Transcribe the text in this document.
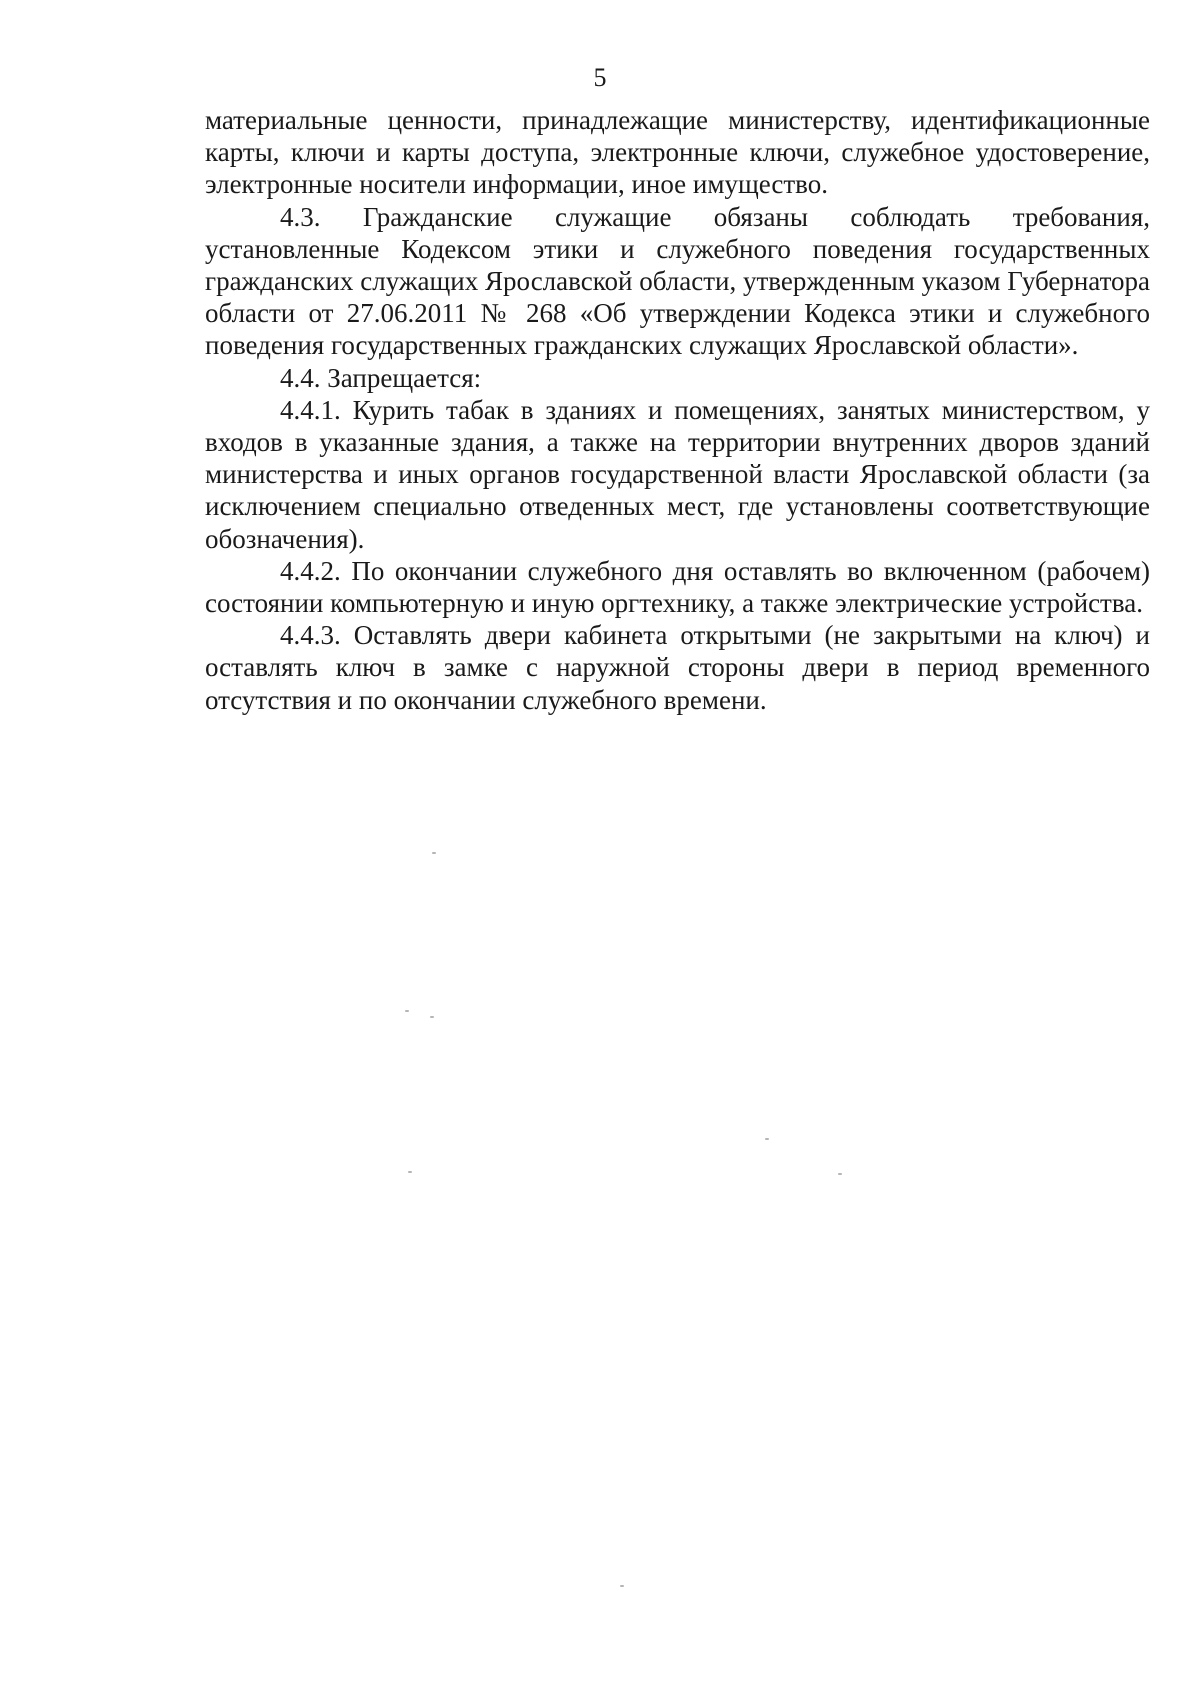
5

материальные ценности, принадлежащие министерству, идентификационные карты, ключи и карты доступа, электронные ключи, служебное удостоверение, электронные носители информации, иное имущество.

4.3. Гражданские служащие обязаны соблюдать требования, установленные Кодексом этики и служебного поведения государственных гражданских служащих Ярославской области, утвержденным указом Губернатора области от 27.06.2011 № 268 «Об утверждении Кодекса этики и служебного поведения государственных гражданских служащих Ярославской области».

4.4. Запрещается:

4.4.1. Курить табак в зданиях и помещениях, занятых министерством, у входов в указанные здания, а также на территории внутренних дворов зданий министерства и иных органов государственной власти Ярославской области (за исключением специально отведенных мест, где установлены соответствующие обозначения).

4.4.2. По окончании служебного дня оставлять во включенном (рабочем) состоянии компьютерную и иную оргтехнику, а также электрические устройства.

4.4.3. Оставлять двери кабинета открытыми (не закрытыми на ключ) и оставлять ключ в замке с наружной стороны двери в период временного отсутствия и по окончании служебного времени.
